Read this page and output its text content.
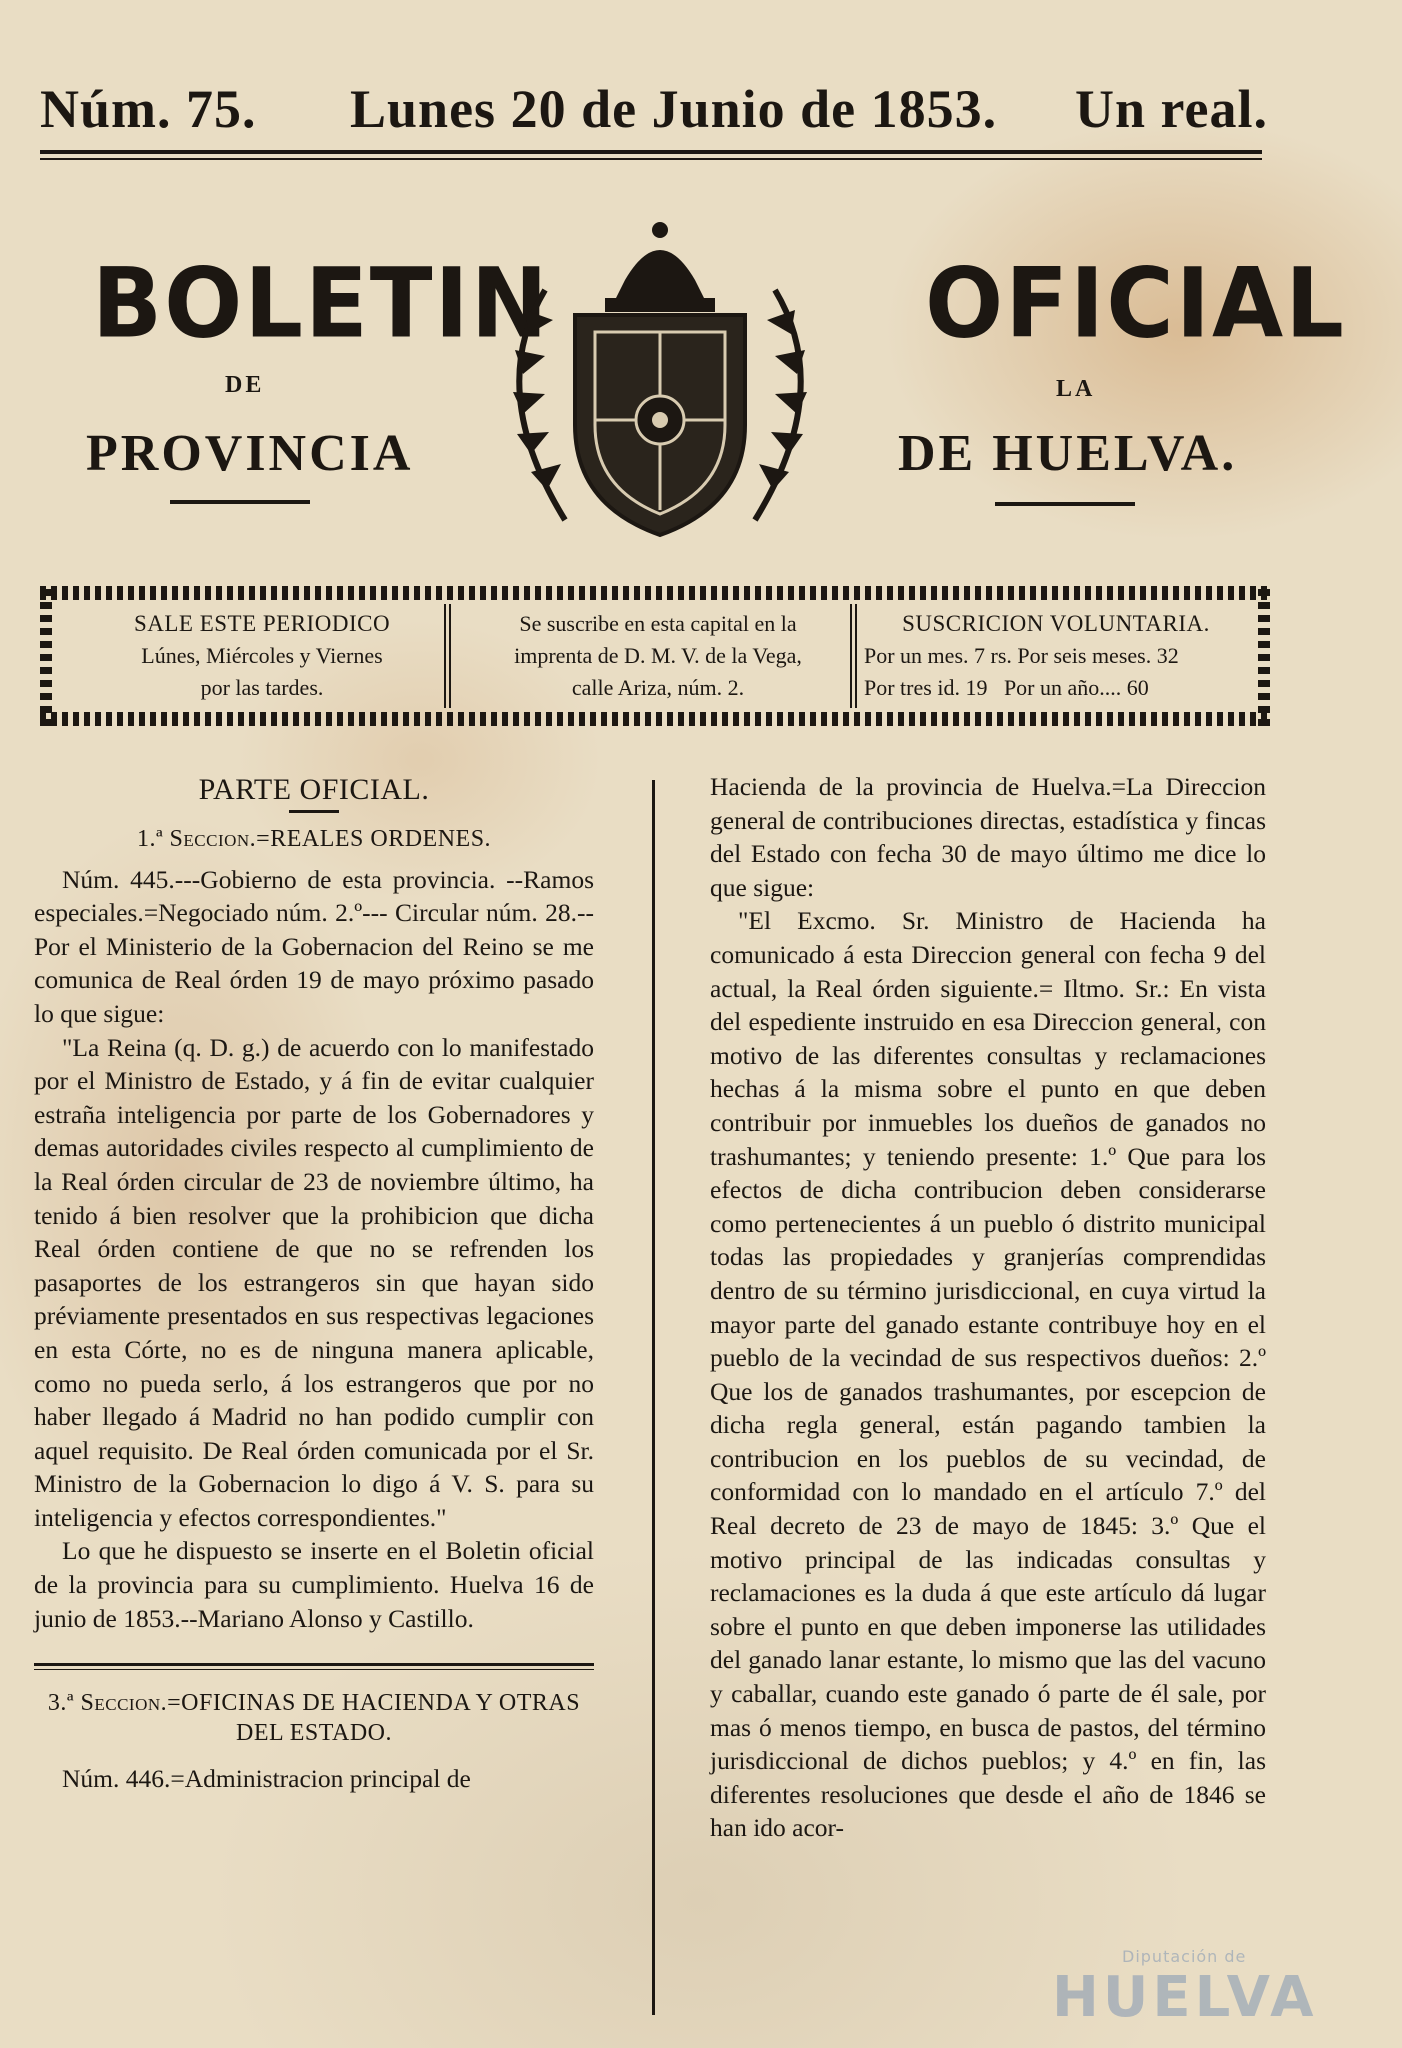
Núm. 75. Lunes 20 de Junio de 1853. Un real.
BOLETIN
DE
PROVINCIA
OFICIAL
LA
DE HUELVA.
SALE ESTE PERIODICO
Lúnes, Miércoles y Viernes
por las tardes.
Se suscribe en esta capital en la
imprenta de D. M. V. de la Vega,
calle Ariza, núm. 2.
SUSCRICION VOLUNTARIA.
Por un mes. 7 rs. Por seis meses. 32
Por tres id. 19   Por un año.... 60

PARTE OFICIAL.

1.ª Seccion.=REALES ORDENES.

Núm. 445.---Gobierno de esta provincia. --Ramos especiales.=Negociado núm. 2.º--- Circular núm. 28.--Por el Ministerio de la Gobernacion del Reino se me comunica de Real órden 19 de mayo próximo pasado lo que sigue:

"La Reina (q. D. g.) de acuerdo con lo manifestado por el Ministro de Estado, y á fin de evitar cualquier estraña inteligencia por parte de los Gobernadores y demas autoridades civiles respecto al cumplimiento de la Real órden circular de 23 de noviembre último, ha tenido á bien resolver que la prohibicion que dicha Real órden contiene de que no se refrenden los pasaportes de los estrangeros sin que hayan sido préviamente presentados en sus respectivas legaciones en esta Córte, no es de ninguna manera aplicable, como no pueda serlo, á los estrangeros que por no haber llegado á Madrid no han podido cumplir con aquel requisito. De Real órden comunicada por el Sr. Ministro de la Gobernacion lo digo á V. S. para su inteligencia y efectos correspondientes."

Lo que he dispuesto se inserte en el Boletin oficial de la provincia para su cumplimiento. Huelva 16 de junio de 1853.--Mariano Alonso y Castillo.

3.ª Seccion.=OFICINAS DE HACIENDA Y OTRAS DEL ESTADO.

Núm. 446.=Administracion principal de

Hacienda de la provincia de Huelva.=La Direccion general de contribuciones directas, estadística y fincas del Estado con fecha 30 de mayo último me dice lo que sigue:

"El Excmo. Sr. Ministro de Hacienda ha comunicado á esta Direccion general con fecha 9 del actual, la Real órden siguiente.= Iltmo. Sr.: En vista del espediente instruido en esa Direccion general, con motivo de las diferentes consultas y reclamaciones hechas á la misma sobre el punto en que deben contribuir por inmuebles los dueños de ganados no trashumantes; y teniendo presente: 1.º Que para los efectos de dicha contribucion deben considerarse como pertenecientes á un pueblo ó distrito municipal todas las propiedades y granjerías comprendidas dentro de su término jurisdiccional, en cuya virtud la mayor parte del ganado estante contribuye hoy en el pueblo de la vecindad de sus respectivos dueños: 2.º Que los de ganados trashumantes, por escepcion de dicha regla general, están pagando tambien la contribucion en los pueblos de su vecindad, de conformidad con lo mandado en el artículo 7.º del Real decreto de 23 de mayo de 1845: 3.º Que el motivo principal de las indicadas consultas y reclamaciones es la duda á que este artículo dá lugar sobre el punto en que deben imponerse las utilidades del ganado lanar estante, lo mismo que las del vacuno y caballar, cuando este ganado ó parte de él sale, por mas ó menos tiempo, en busca de pastos, del término jurisdiccional de dichos pueblos; y 4.º en fin, las diferentes resoluciones que desde el año de 1846 se han ido acor-

Diputación de
HUELVA
